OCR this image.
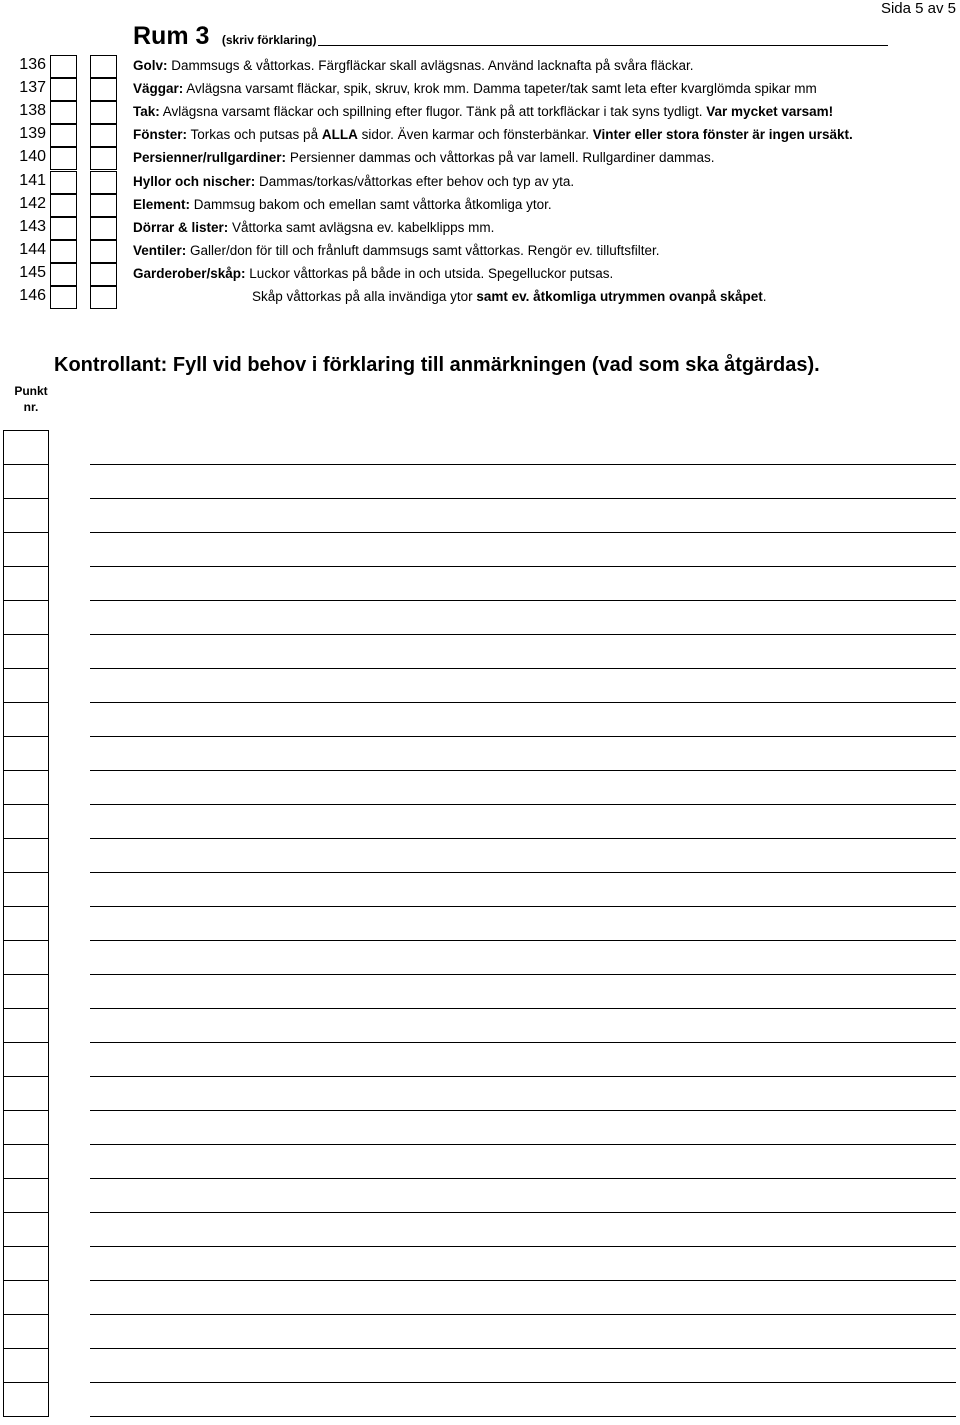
Sida 5 av 5
Rum 3 (skriv förklaring)
136	Golv: Dammsugs & våttorkas. Färgfläckar skall avlägsnas. Använd lacknafta på svåra fläckar.
137	Väggar: Avlägsna varsamt fläckar, spik, skruv, krok mm. Damma tapeter/tak samt leta efter kvarglömda spikar mm
138	Tak: Avlägsna varsamt fläckar och spillning efter flugor. Tänk på att torkfläckar i tak syns tydligt. Var mycket varsam!
139	Fönster: Torkas och putsas på ALLA sidor. Även karmar och fönsterbänkar. Vinter eller stora fönster är ingen ursäkt.
140	Persienner/rullgardiner: Persienner dammas och våttorkas på var lamell. Rullgardiner dammas.
141	Hyllor och nischer: Dammas/torkas/våttorkas efter behov och typ av yta.
142	Element: Dammsug bakom och emellan samt våttorka åtkomliga ytor.
143	Dörrar & lister: Våttorka samt avlägsna ev. kabelklipps mm.
144	Ventiler: Galler/don för till och frånluft dammsugs samt våttorkas. Rengör ev. tilluftsfilter.
145	Garderober/skåp: Luckor våttorkas på både in och utsida. Spegelluckor putsas.
146	Skåp våttorkas på alla invändiga ytor samt ev. åtkomliga utrymmen ovanpå skåpet.
Kontrollant: Fyll vid behov i förklaring till anmärkningen (vad som ska åtgärdas).
Punkt
nr.
